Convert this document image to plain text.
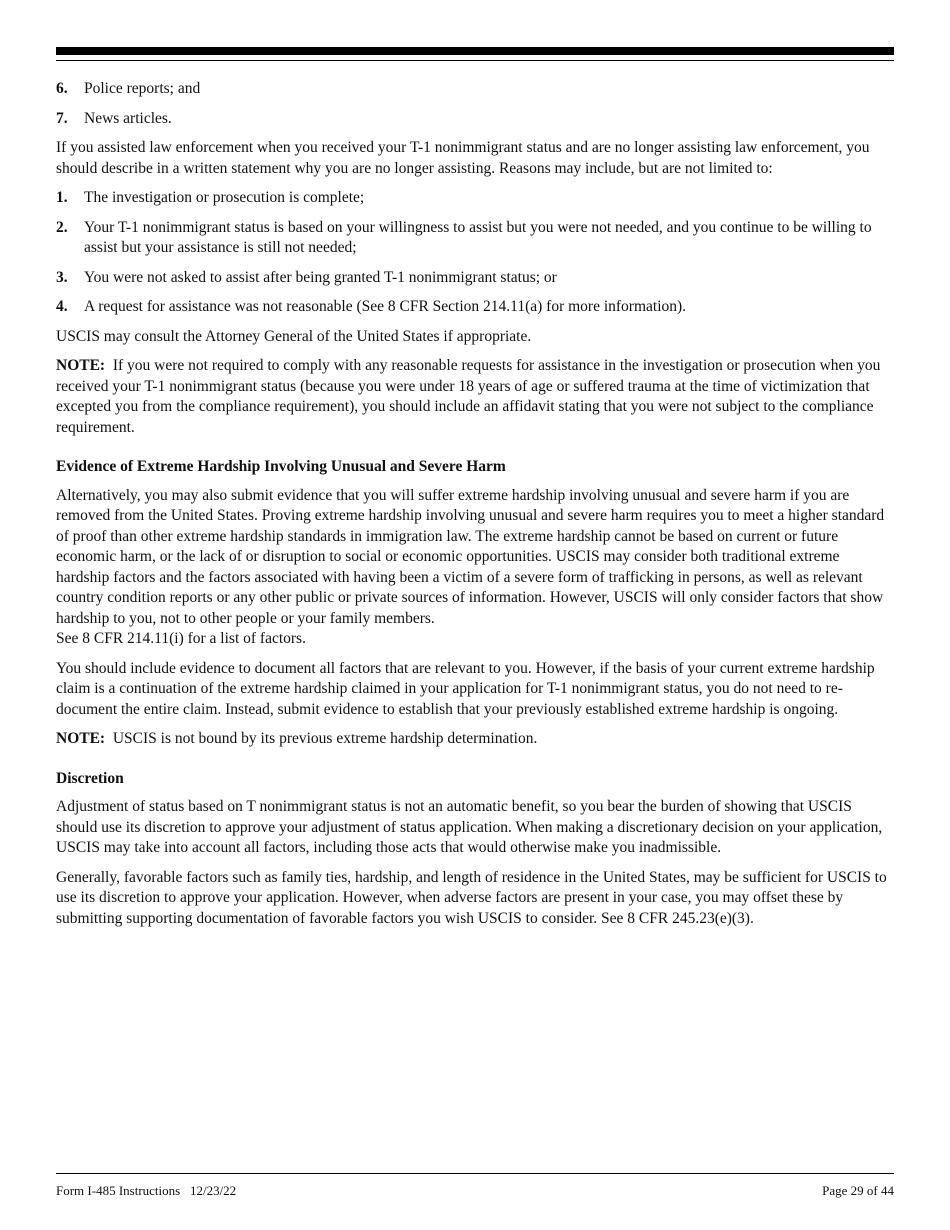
6.	Police reports; and
7.	News articles.

If you assisted law enforcement when you received your T-1 nonimmigrant status and are no longer assisting law enforcement, you should describe in a written statement why you are no longer assisting. Reasons may include, but are not limited to:

1.	The investigation or prosecution is complete;
2.	Your T-1 nonimmigrant status is based on your willingness to assist but you were not needed, and you continue to be willing to assist but your assistance is still not needed;
3.	You were not asked to assist after being granted T-1 nonimmigrant status; or
4.	A request for assistance was not reasonable (See 8 CFR Section 214.11(a) for more information).

USCIS may consult the Attorney General of the United States if appropriate.

NOTE: If you were not required to comply with any reasonable requests for assistance in the investigation or prosecution when you received your T-1 nonimmigrant status (because you were under 18 years of age or suffered trauma at the time of victimization that excepted you from the compliance requirement), you should include an affidavit stating that you were not subject to the compliance requirement.

Evidence of Extreme Hardship Involving Unusual and Severe Harm

Alternatively, you may also submit evidence that you will suffer extreme hardship involving unusual and severe harm if you are removed from the United States. Proving extreme hardship involving unusual and severe harm requires you to meet a higher standard of proof than other extreme hardship standards in immigration law. The extreme hardship cannot be based on current or future economic harm, or the lack of or disruption to social or economic opportunities. USCIS may consider both traditional extreme hardship factors and the factors associated with having been a victim of a severe form of trafficking in persons, as well as relevant country condition reports or any other public or private sources of information. However, USCIS will only consider factors that show hardship to you, not to other people or your family members.
See 8 CFR 214.11(i) for a list of factors.

You should include evidence to document all factors that are relevant to you. However, if the basis of your current extreme hardship claim is a continuation of the extreme hardship claimed in your application for T-1 nonimmigrant status, you do not need to re-document the entire claim. Instead, submit evidence to establish that your previously established extreme hardship is ongoing.

NOTE: USCIS is not bound by its previous extreme hardship determination.

Discretion

Adjustment of status based on T nonimmigrant status is not an automatic benefit, so you bear the burden of showing that USCIS should use its discretion to approve your adjustment of status application. When making a discretionary decision on your application, USCIS may take into account all factors, including those acts that would otherwise make you inadmissible.

Generally, favorable factors such as family ties, hardship, and length of residence in the United States, may be sufficient for USCIS to use its discretion to approve your application. However, when adverse factors are present in your case, you may offset these by submitting supporting documentation of favorable factors you wish USCIS to consider. See 8 CFR 245.23(e)(3).

Form I-485 Instructions   12/23/22	Page 29 of 44
